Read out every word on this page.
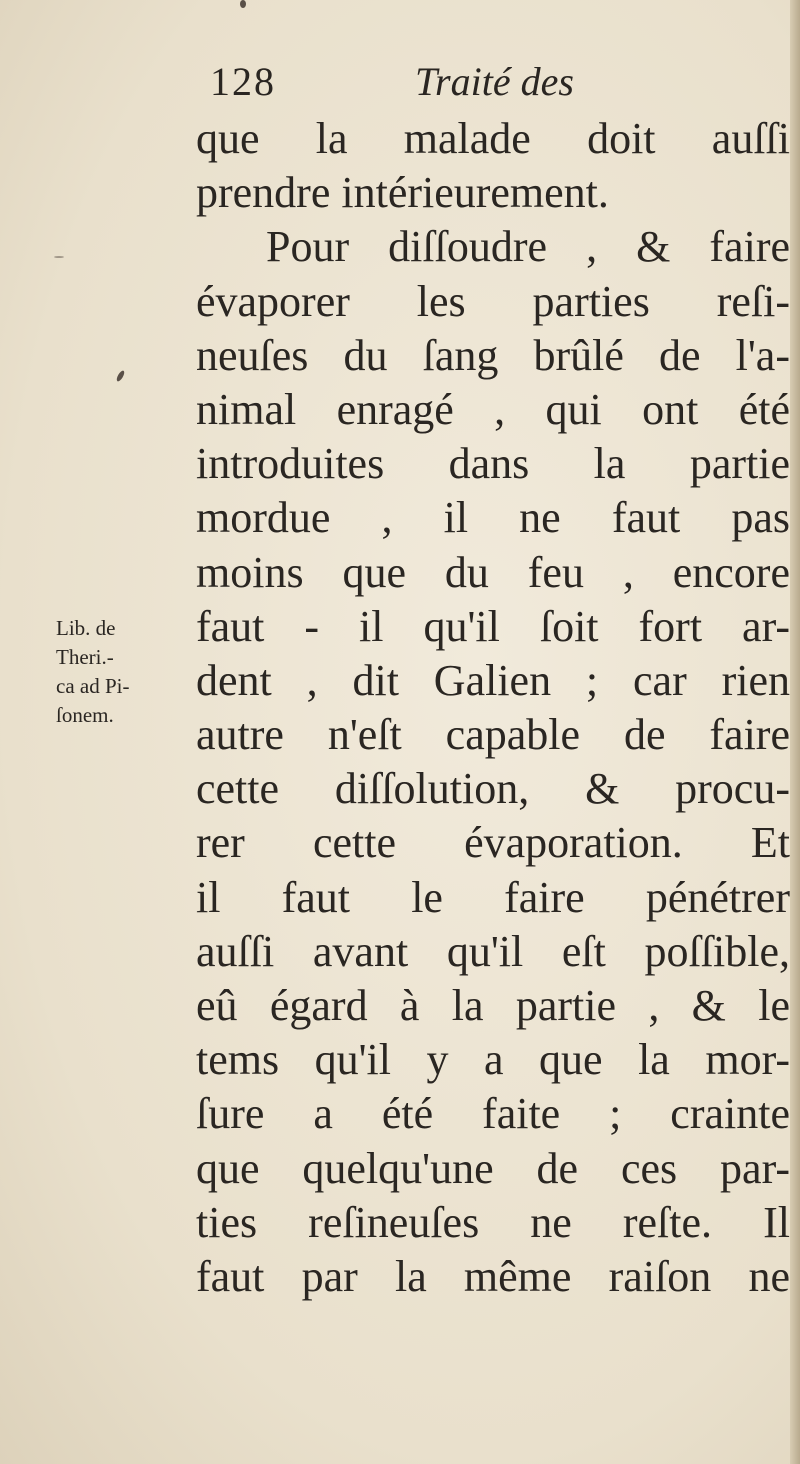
128	Traité des
Lib. de
Theri.-
ca ad Pi-
ſonem.
que la malade doit auſſi
prendre intérieurement.
Pour diſſoudre , & faire
évaporer les parties reſi-
neuſes du ſang brûlé de l'a-
nimal enragé , qui ont été
introduites dans la partie
mordue , il ne faut pas
moins que du feu , encore
faut - il qu'il ſoit fort ar-
dent , dit Galien ; car rien
autre n'eſt capable de faire
cette diſſolution, & procu-
rer cette évaporation. Et
il faut le faire pénétrer
auſſi avant qu'il eſt poſſible,
eû égard à la partie , & le
tems qu'il y a que la mor-
ſure a été faite ; crainte
que quelqu'une de ces par-
ties reſineuſes ne reſte. Il
faut par la même raiſon ne
